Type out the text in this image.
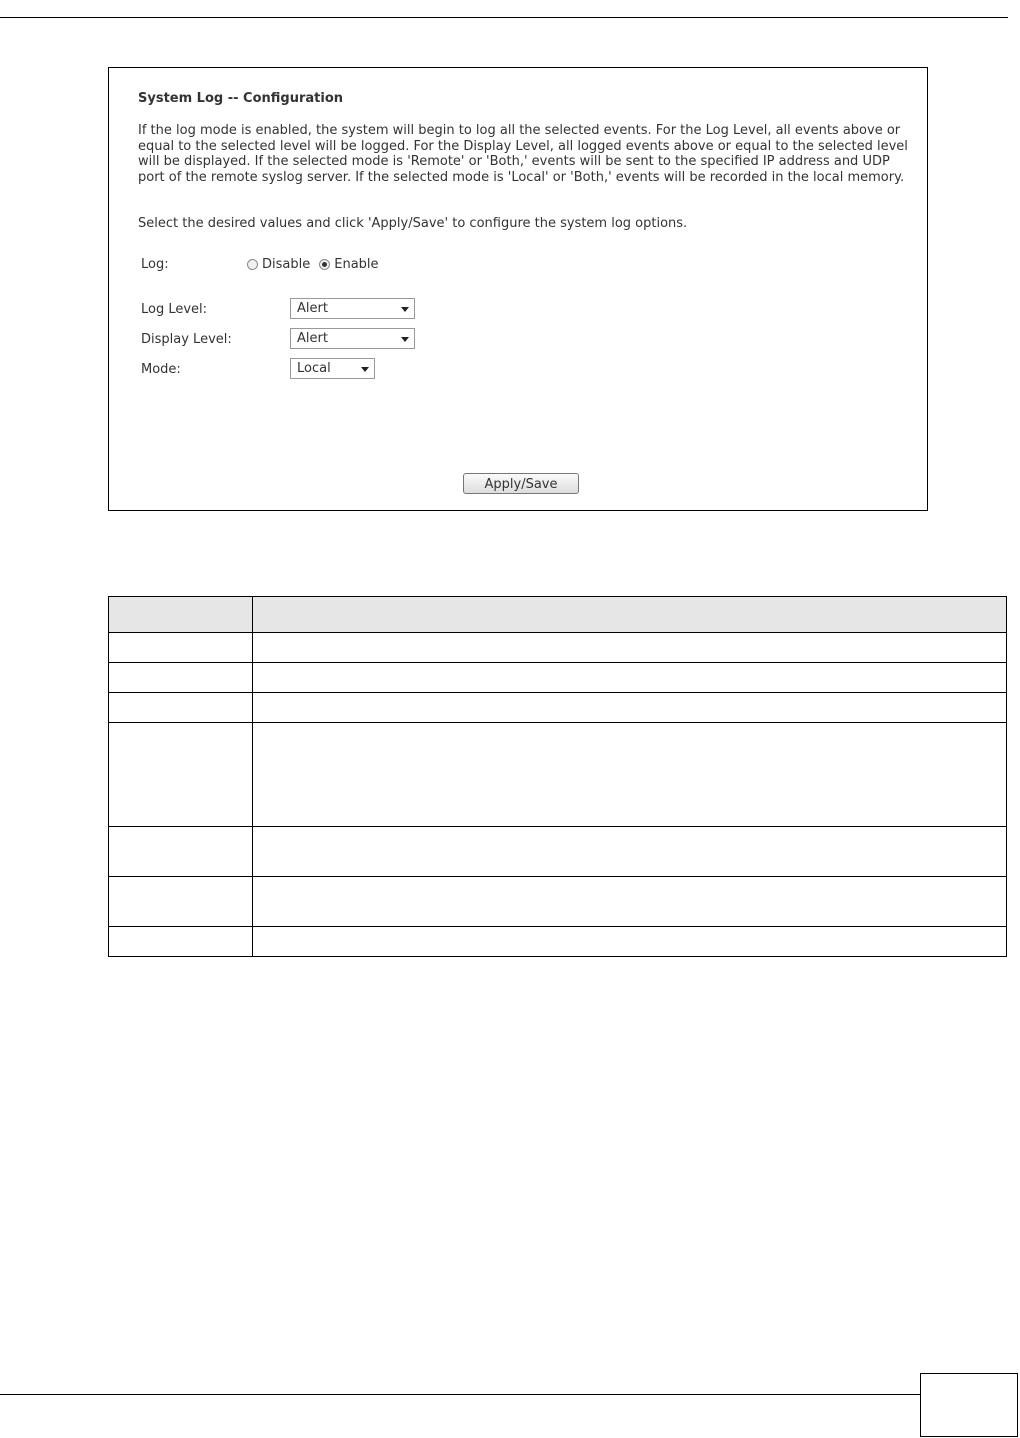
System Log -- Configuration
If the log mode is enabled, the system will begin to log all the selected events. For the Log Level, all events above or equal to the selected level will be logged. For the Display Level, all logged events above or equal to the selected level will be displayed. If the selected mode is 'Remote' or 'Both,' events will be sent to the specified IP address and UDP port of the remote syslog server. If the selected mode is 'Local' or 'Both,' events will be recorded in the local memory.
Select the desired values and click 'Apply/Save' to configure the system log options.
Log:	Disable Enable
Log Level:	Alert
Display Level:	Alert
Mode:	Local
Apply/Save
